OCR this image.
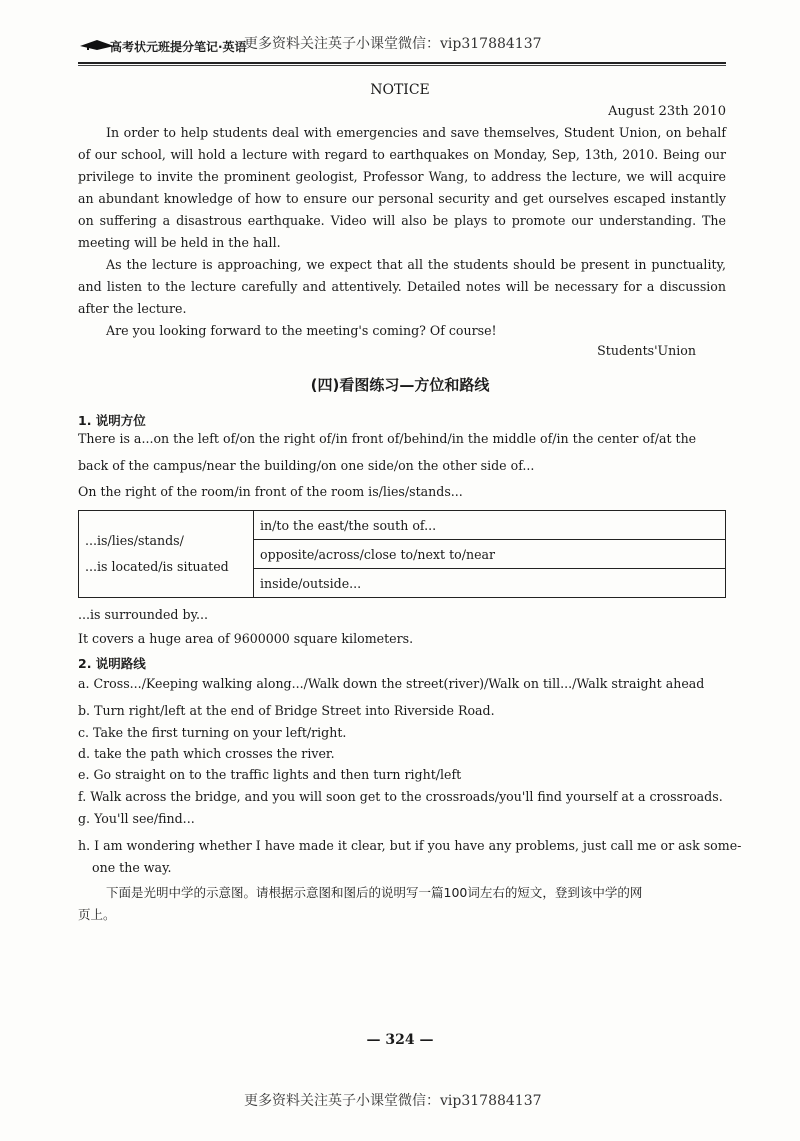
高考状元班提分笔记·英语
更多资料关注英子小课堂微信：vip317884137
NOTICE
August 23th 2010
In order to help students deal with emergencies and save themselves, Student Union, on behalf of our school, will hold a lecture with regard to earthquakes on Monday, Sep, 13th, 2010. Being our privilege to invite the prominent geologist, Professor Wang, to address the lecture, we will acquire an abundant knowledge of how to ensure our personal security and get ourselves escaped instantly on suffering a disastrous earthquake. Video will also be plays to promote our understanding. The meeting will be held in the hall.
As the lecture is approaching, we expect that all the students should be present in punctuality, and listen to the lecture carefully and attentively. Detailed notes will be necessary for a discussion after the lecture.
Are you looking forward to the meeting's coming? Of course!
Students'Union
(四)看图练习—方位和路线
1. 说明方位
There is a...on the left of/on the right of/in front of/behind/in the middle of/in the center of/at the
back of the campus/near the building/on one side/on the other side of...
On the right of the room/in front of the room is/lies/stands...
...is/lies/stands/
...is located/is situated
	in/to the east/the south of...
opposite/across/close to/next to/near
inside/outside...
...is surrounded by...
It covers a huge area of 9600000 square kilometers.
2. 说明路线
a. Cross.../Keeping walking along.../Walk down the street(river)/Walk on till.../Walk straight ahead
b. Turn right/left at the end of Bridge Street into Riverside Road.
c. Take the first turning on your left/right.
d. take the path which crosses the river.
e. Go straight on to the traffic lights and then turn right/left
f. Walk across the bridge, and you will soon get to the crossroads/you'll find yourself at a crossroads.
g. You'll see/find...
h. I am wondering whether I have made it clear, but if you have any problems, just call me or ask some-
one the way.
下面是光明中学的示意图。请根据示意图和图后的说明写一篇100词左右的短文，登到该中学的网
页上。
— 324 —
更多资料关注英子小课堂微信：vip317884137
